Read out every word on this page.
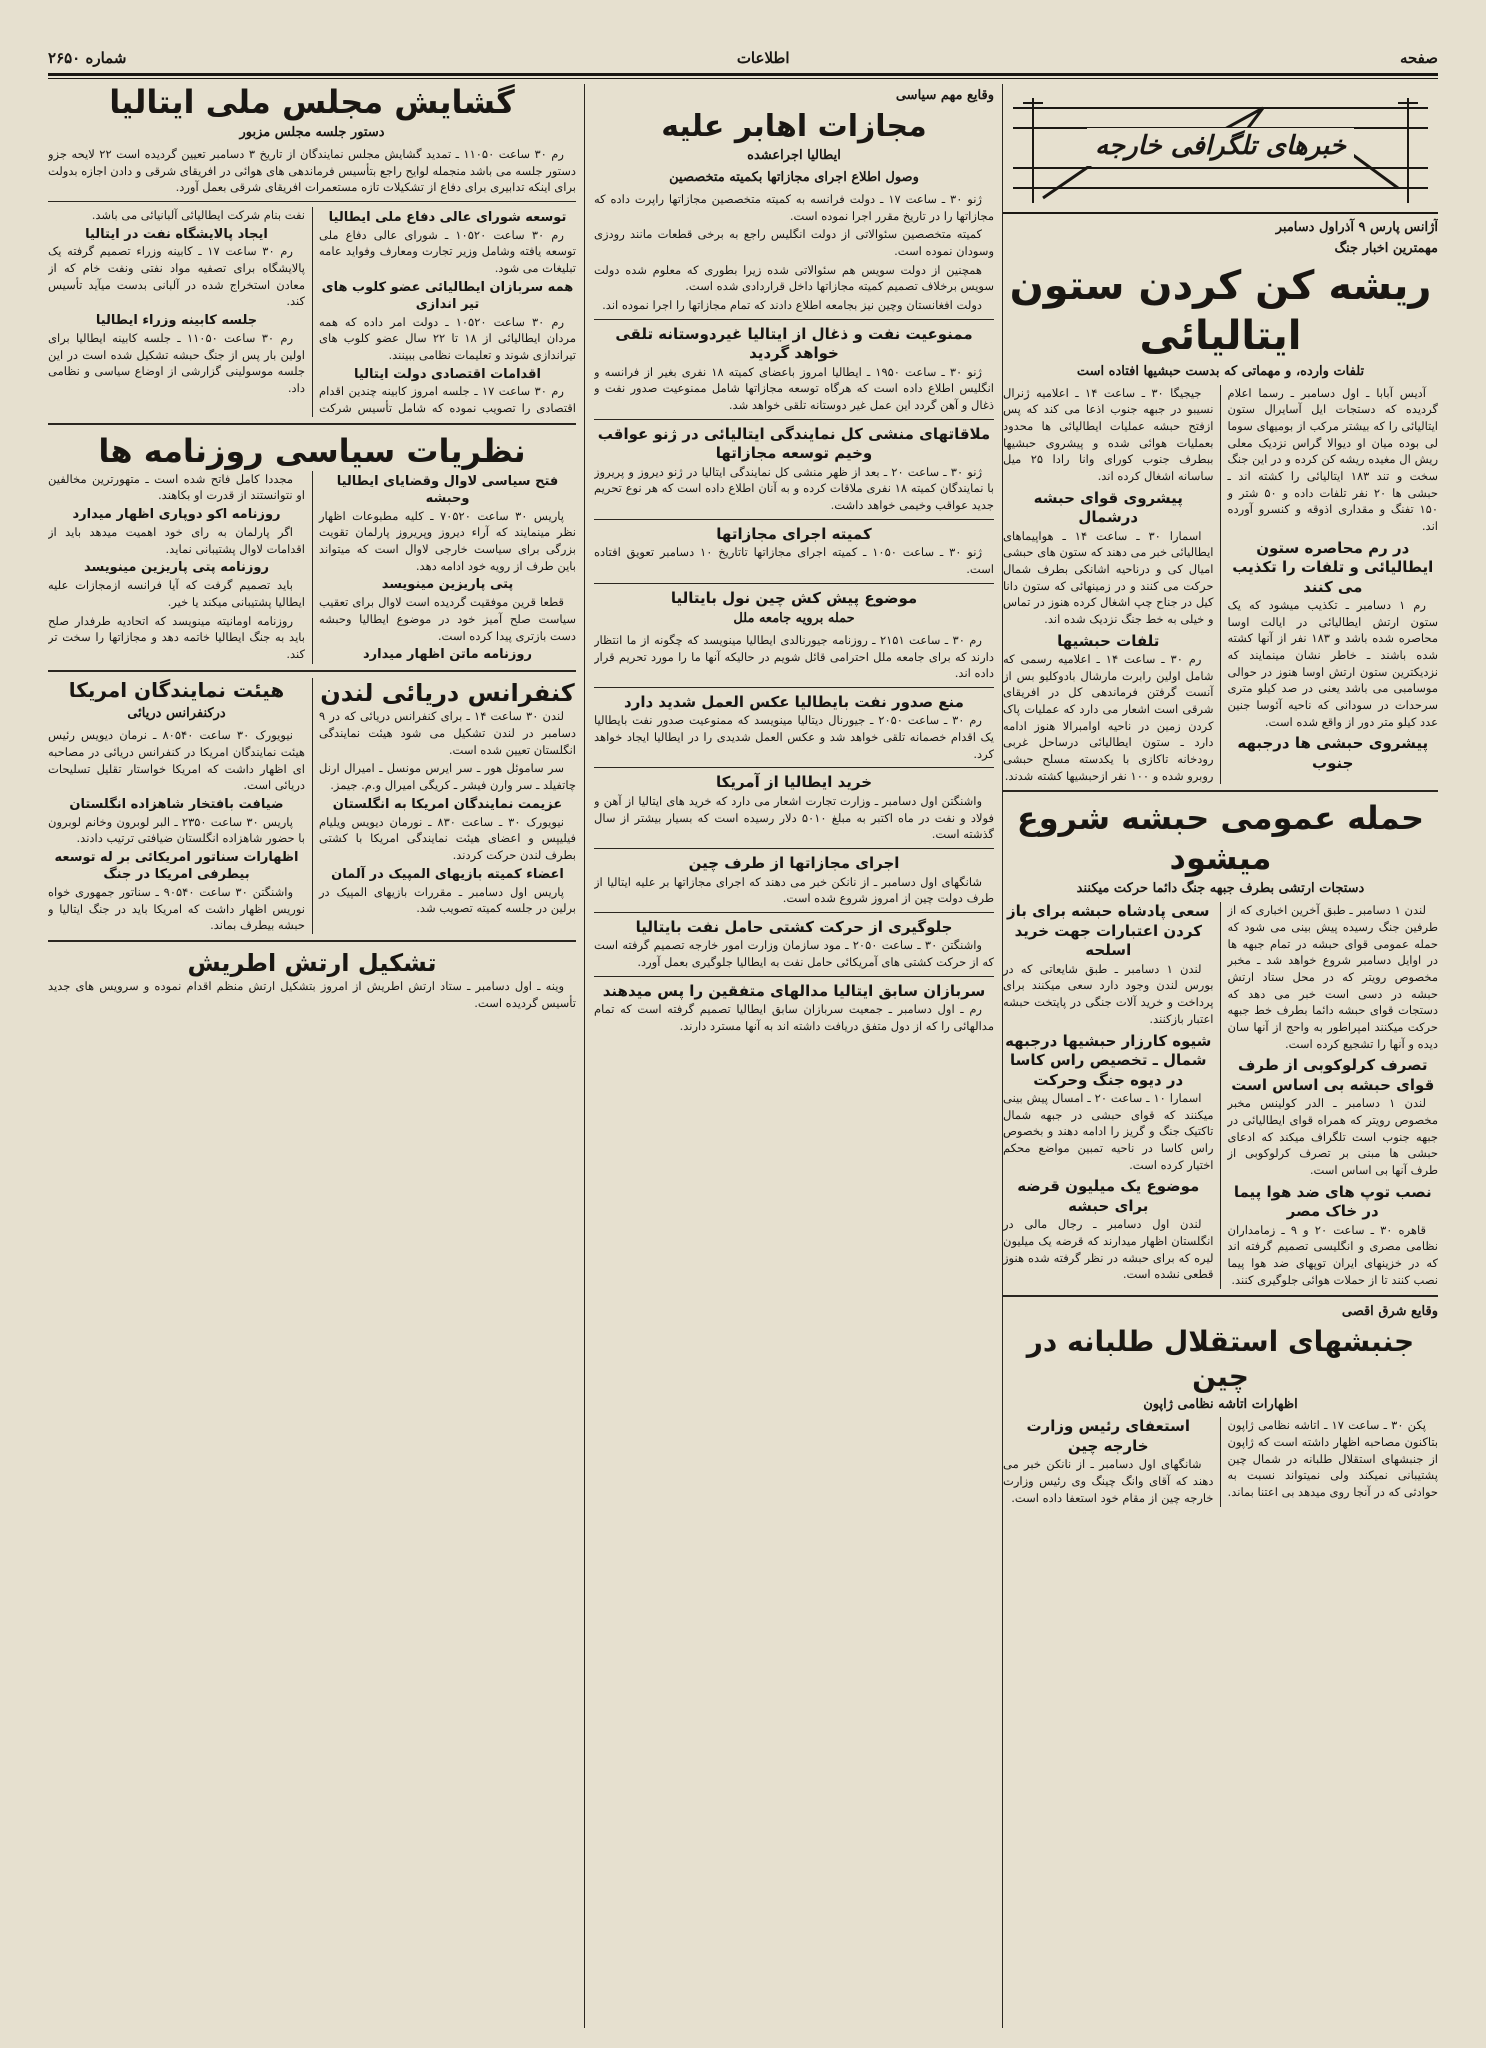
صفحه
اطلاعات
شماره ۲۶۵۰
خبرهای تلگرافی خارجه
آژانس پارس ۹ آذراول دسامبر
مهمترین اخبار جنگ
ریشه کن کردن ستون ایتالیائی
تلفات وارده، و مهماتی که بدست حبشیها افتاده است

آدیس آبابا ـ اول دسامبر ـ رسما اعلام گردیده که دستجات ایل آسایرال ستون ایتالیائی را که بیشتر مرکب از بومیهای سوما لی بوده میان او دیوالا گراس نزدیک معلی ریش ال مغیده ریشه کن کرده و در این جنگ سخت و تند ۱۸۳ ایتالیائی را کشته اند ـ حبشی ها ۲۰ نفر تلفات داده و ۵۰ شتر و ۱۵۰ تفنگ و مقداری اذوقه و کنسرو آورده اند.

در رم محاصره ستون ایطالیائی و تلفات را تکذیب می کنند

رم ۱ دسامبر ـ تکذیب میشود که یک ستون ارتش ایطالیائی در ایالت اوسا محاصره شده باشد و ۱۸۳ نفر از آنها کشته شده باشند ـ خاطر نشان مینمایند که نزدیکترین ستون ارتش اوسا هنوز در حوالی موسامبی می باشد یعنی در صد کیلو متری سرحدات در سودانی که ناحیه آئوسا جنین عدد کیلو متر دور از واقع شده است.

پیشروی حبشی ها درجبهه جنوب

جیجیگا ۳۰ ـ ساعت ۱۴ ـ اعلامیه ژنرال نسیبو در جبهه جنوب اذعا می کند که پس ازفتح حبشه عملیات ایطالیائی ها محدود بعملیات هوائی شده و پیشروی حبشیها ببطرف جنوب کورای وانا رادا ۲۵ میل ساسانه اشغال کرده اند.

پیشروی قوای حبشه درشمال

اسمارا ۳۰ ـ ساعت ۱۴ ـ هواپیماهای ایطالیائی خبر می دهند که ستون های حبشی امیال کی و درناحیه اشانکی بطرف شمال حرکت می کنند و در زمینهائی که ستون دانا کیل در جناح چپ اشغال کرده هنوز در تماس و خیلی به خط جنگ نزدیک شده اند.

تلفات حبشیها

رم ۳۰ ـ ساعت ۱۴ ـ اعلامیه رسمی که شامل اولین رابرت مارشال بادوکلیو بس از آنست گرفتن فرماندهی کل در افریقای شرقی است اشعار می دارد که عملیات پاک کردن زمین در ناحیه اوامبرالا هنوز ادامه دارد ـ ستون ایطالیائی درساحل غربی رودخانه تاکازی با یکدسته مسلح حبشی روبرو شده و ۱۰۰ نفر ازحبشیها کشته شدند.

حمله عمومی حبشه شروع میشود
دستجات ارتشی بطرف جبهه جنگ دائما حرکت میکنند

لندن ۱ دسامبر ـ طبق آخرین اخباری که از طرفین جنگ رسیده پیش بینی می شود که حمله عمومی قوای حبشه در تمام جبهه ها در اوایل دسامبر شروع خواهد شد ـ مخبر مخصوص رویتر که در محل ستاد ارتش حبشه در دسی است خبر می دهد که دستجات قوای حبشه دائما بطرف خط جبهه حرکت میکنند امپراطور به واحج از آنها سان دیده و آنها را تشجیع کرده است.

تصرف کرلوکوبی از طرف قوای حبشه بی اساس است

لندن ۱ دسامبر ـ الدر کولینس مخبر مخصوص رویتر که همراه قوای ایطالیائی در جبهه جنوب است تلگراف میکند که ادعای حبشی ها مبنی بر تصرف کرلوکوبی از طرف آنها بی اساس است.

نصب توپ های ضد هوا پیما در خاک مصر

قاهره ۳۰ ـ ساعت ۲۰ و ۹ ـ زمامداران نظامی مصری و انگلیسی تصمیم گرفته اند که در خزینهای ایران توپهای ضد هوا پیما نصب کنند تا از حملات هوائی جلوگیری کنند.

سعی پادشاه حبشه برای باز کردن اعتبارات جهت خرید اسلحه

لندن ۱ دسامبر ـ طبق شایعاتی که در بورس لندن وجود دارد سعی میکنند برای پرداخت و خرید آلات جنگی در پایتخت حبشه اعتبار بازکنند.

شیوه کارزار حبشیها درجبهه شمال ـ تخصیص راس کاسا در دیوه جنگ وحرکت

اسمارا ۱۰ ـ ساعت ۲۰ ـ امسال پیش بینی میکنند که قوای حبشی در جبهه شمال تاکتیک جنگ و گریز را ادامه دهند و بخصوص راس کاسا در ناحیه تمبین مواضع محکم اختیار کرده است.

موضوع یک میلیون قرضه برای حبشه

لندن اول دسامبر ـ رجال مالی در انگلستان اظهار میدارند که قرضه یک میلیون لیره که برای حبشه در نظر گرفته شده هنوز قطعی نشده است.

وقایع شرق اقصی
جنبشهای استقلال طلبانه در چین
اظهارات اتاشه نظامی ژاپون

پکن ۳۰ ـ ساعت ۱۷ ـ اتاشه نظامی ژاپون بتاکنون مصاحبه اظهار داشته است که ژاپون از جنبشهای استقلال طلبانه در شمال چین پشتیبانی نمیکند ولی نمیتواند نسبت به حوادثی که در آنجا روی میدهد بی اعتنا بماند.

استعفای رئیس وزارت خارجه چین

شانگهای اول دسامبر ـ از نانکن خبر می دهند که آقای وانگ چینگ وی رئیس وزارت خارجه چین از مقام خود استعفا داده است.

وقایع مهم سیاسی
مجازات اهابر علیه
ایطالیا اجراعشده
وصول اطلاع اجرای مجازاتها بکمیته متخصصین

ژنو ۳۰ ـ ساعت ۱۷ ـ دولت فرانسه به کمیته متخصصین مجازاتها راپرت داده که مجازاتها را در تاریخ مقرر اجرا نموده است.

کمیته متخصصین سئوالاتی از دولت انگلیس راجع به برخی قطعات مانند رودزی وسودان نموده است.

همچنین از دولت سویس هم سئوالاتی شده زیرا بطوری که معلوم شده دولت سویس برخلاف تصمیم کمیته مجازاتها داخل قراردادی شده است.

دولت افغانستان وچین نیز بجامعه اطلاع دادند که تمام مجازاتها را اجرا نموده اند.

ممنوعیت نفت و ذغال از ایتالیا غیردوستانه تلقی خواهد گردید

ژنو ۳۰ ـ ساعت ۱۹۵۰ ـ ایطالیا امروز باعضای کمیته ۱۸ نفری بغیر از فرانسه و انگلیس اطلاع داده است که هرگاه توسعه مجازاتها شامل ممنوعیت صدور نفت و ذغال و آهن گردد این عمل غیر دوستانه تلقی خواهد شد.

ملاقاتهای منشی کل نمایندگی ایتالیائی در ژنو عواقب وخیم توسعه مجازاتها

ژنو ۳۰ ـ ساعت ۲۰ ـ بعد از ظهر منشی کل نمایندگی ایتالیا در ژنو دیروز و پریروز با نمایندگان کمیته ۱۸ نفری ملاقات کرده و به آنان اطلاع داده است که هر نوع تحریم جدید عواقب وخیمی خواهد داشت.

کمیته اجرای مجازاتها

ژنو ۳۰ ـ ساعت ۱۰۵۰ ـ کمیته اجرای مجازاتها تاتاریخ ۱۰ دسامبر تعویق افتاده است.

موضوع پیش کش چین نول بایتالیا
حمله برویه جامعه ملل

رم ۳۰ ـ ساعت ۲۱۵۱ ـ روزنامه جیورنالدی ایطالیا مینویسد که چگونه از ما انتظار دارند که برای جامعه ملل احترامی قائل شویم در حالیکه آنها ما را مورد تحریم قرار داده اند.

منع صدور نفت بایطالیا عکس العمل شدید دارد

رم ۳۰ ـ ساعت ۲۰۵۰ ـ جیورنال دیتالیا مینویسد که ممنوعیت صدور نفت بایطالیا یک اقدام خصمانه تلقی خواهد شد و عکس العمل شدیدی را در ایطالیا ایجاد خواهد کرد.

خرید ایطالیا از آمریکا

واشنگتن اول دسامبر ـ وزارت تجارت اشعار می دارد که خرید های ایتالیا از آهن و فولاد و نفت در ماه اکتبر به مبلغ ۵۰۱۰ دلار رسیده است که بسیار بیشتر از سال گذشته است.

اجرای مجازاتها از طرف چین

شانگهای اول دسامبر ـ از نانکن خبر می دهند که اجرای مجازاتها بر علیه ایتالیا از طرف دولت چین از امروز شروع شده است.

جلوگیری از حرکت کشتی حامل نفت بایتالیا

واشنگتن ۳۰ ـ ساعت ۲۰۵۰ ـ مود سازمان وزارت امور خارجه تصمیم گرفته است که از حرکت کشتی های آمریکائی حامل نفت به ایطالیا جلوگیری بعمل آورد.

سربازان سابق ایتالیا مدالهای متفقین را پس میدهند

رم ـ اول دسامبر ـ جمعیت سربازان سابق ایطالیا تصمیم گرفته است که تمام مدالهائی را که از دول متفق دریافت داشته اند به آنها مسترد دارند.

گشایش مجلس ملی ایتالیا
دستور جلسه مجلس مزبور

رم ۳۰ ساعت ۱۱۰۵۰ ـ تمدید گشایش مجلس نمایندگان از تاریخ ۳ دسامبر تعیین گردیده است ۲۲ لایحه جزو دستور جلسه می باشد منجمله لوایح راجع بتأسیس فرماندهی های هوائی در افریقای شرقی و دادن اجازه بدولت برای اینکه تدابیری برای دفاع از تشکیلات تازه مستعمرات افریقای شرقی بعمل آورد.

توسعه شورای عالی دفاع ملی ایطالیا

رم ۳۰ ساعت ۱۰۵۲۰ ـ شورای عالی دفاع ملی توسعه یافته وشامل وزیر تجارت ومعارف وفواید عامه تبلیغات می شود.

همه سربازان ایطالیائی عضو کلوب های تیر اندازی

رم ۳۰ ساعت ۱۰۵۲۰ ـ دولت امر داده که همه مردان ایطالیائی از ۱۸ تا ۲۲ سال عضو کلوب های تیراندازی شوند و تعلیمات نظامی ببینند.

اقدامات اقتصادی دولت ایتالیا

رم ۳۰ ساعت ۱۷ ـ جلسه امروز کابینه چندین اقدام اقتصادی را تصویب نموده که شامل تأسیس شرکت نفت بنام شرکت ایطالیائی آلبانیائی می باشد.

ایجاد پالایشگاه نفت در ایتالیا

رم ۳۰ ساعت ۱۷ ـ کابینه وزراء تصمیم گرفته یک پالایشگاه برای تصفیه مواد نفتی ونفت خام که از معادن استخراج شده در آلبانی بدست میآید تأسیس کند.

جلسه کابینه وزراء ایطالیا

رم ۳۰ ساعت ۱۱۰۵۰ ـ جلسه کابینه ایطالیا برای اولین بار پس از جنگ حبشه تشکیل شده است در این جلسه موسولینی گزارشی از اوضاع سیاسی و نظامی داد.

نظریات سیاسی روزنامه ها
فتح سیاسی لاوال وقضایای ایطالیا وحبشه

پاریس ۳۰ ساعت ۷۰۵۲۰ ـ کلیه مطبوعات اظهار نظر مینمایند که آراء دیروز وپریروز پارلمان تقویت بزرگی برای سیاست خارجی لاوال است که میتواند باین طرف از رویه خود ادامه دهد.

پتی پاریزین مینویسد

قطعا قرین موفقیت گردیده است لاوال برای تعقیب سیاست صلح آمیز خود در موضوع ایطالیا وحبشه دست بازتری پیدا کرده است.

روزنامه ماتن اظهار میدارد

مجددا کامل فاتح شده است ـ متهورترین مخالفین او نتوانستند از قدرت او بکاهند.

روزنامه اکو دوپاری اظهار میدارد

اگر پارلمان به رای خود اهمیت میدهد باید از اقدامات لاوال پشتیبانی نماید.

روزنامه پتی پاریزین مینویسد

باید تصمیم گرفت که آیا فرانسه ازمجازات علیه ایطالیا پشتیبانی میکند یا خیر.

روزنامه اومانیته مینویسد که اتحادیه طرفدار صلح باید به جنگ ایطالیا خاتمه دهد و مجازاتها را سخت تر کند.

کنفرانس دریائی لندن

لندن ۳۰ ساعت ۱۴ ـ برای کنفرانس دریائی که در ۹ دسامبر در لندن تشکیل می شود هیئت نمایندگی انگلستان تعیین شده است.

سر ساموئل هور ـ سر ایرس مونسل ـ امیرال ارنل چاتفیلد ـ سر وارن فیشر ـ کریگی امیرال و.م. جیمز.

عزیمت نمایندگان امریکا به انگلستان

نیویورک ۳۰ ـ ساعت ۸۳۰ ـ نورمان دیویس ویلیام فیلیپس و اعضای هیئت نمایندگی امریکا با کشتی بطرف لندن حرکت کردند.

اعضاء کمیته بازیهای المپیک در آلمان

پاریس اول دسامبر ـ مقررات بازیهای المپیک در برلین در جلسه کمیته تصویب شد.

هیئت نمایندگان امریکا
درکنفرانس دریائی

نیویورک ۳۰ ساعت ۸۰۵۴۰ ـ نرمان دیویس رئیس هیئت نمایندگان امریکا در کنفرانس دریائی در مصاحبه ای اظهار داشت که امریکا خواستار تقلیل تسلیحات دریائی است.

ضیافت بافتخار شاهزاده انگلستان

پاریس ۳۰ ساعت ۲۳۵۰ ـ البر لوبرون وخانم لوبرون با حضور شاهزاده انگلستان ضیافتی ترتیب دادند.

اظهارات سناتور امریکائی بر له توسعه بیطرفی امریکا در جنگ

واشنگتن ۳۰ ساعت ۹۰۵۴۰ ـ سناتور جمهوری خواه نوریس اظهار داشت که امریکا باید در جنگ ایتالیا و حبشه بیطرف بماند.

تشکیل ارتش اطریش

وینه ـ اول دسامبر ـ ستاد ارتش اطریش از امروز بتشکیل ارتش منظم اقدام نموده و سرویس های جدید تأسیس گردیده است.
